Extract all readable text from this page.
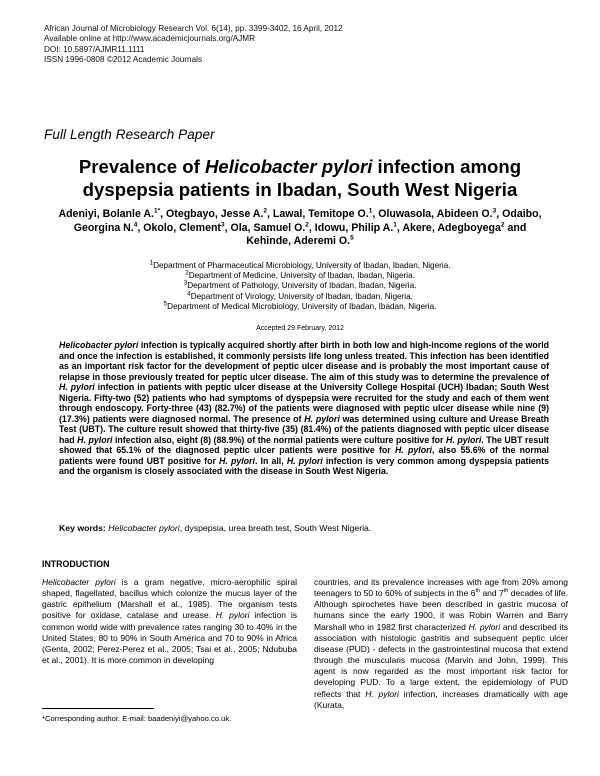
African Journal of Microbiology Research Vol. 6(14), pp. 3399-3402, 16 April, 2012
Available online at http://www.academicjournals.org/AJMR
DOI: 10.5897/AJMR11.1111
ISSN 1996-0808 ©2012 Academic Journals
Full Length Research Paper
Prevalence of Helicobacter pylori infection among dyspepsia patients in Ibadan, South West Nigeria
Adeniyi, Bolanle A.$^{1*}$, Otegbayo, Jesse A.$^2$, Lawal, Temitope O.$^1$, Oluwasola, Abideen O.$^3$, Odaibo, Georgina N.$^4$, Okolo, Clement$^3$, Ola, Samuel O.$^2$, Idowu, Philip A.$^1$, Akere, Adegboyega$^2$ and Kehinde, Aderemi O.$^5$
$^1$Department of Pharmaceutical Microbiology, University of Ibadan, Ibadan, Nigeria.
$^2$Department of Medicine, University of Ibadan, Ibadan, Nigeria.
$^3$Department of Pathology, University of Ibadan, Ibadan, Nigeria.
$^4$Department of Virology, University of Ibadan, Ibadan, Nigeria.
$^5$Department of Medical Microbiology, University of Ibadan, Ibadan, Nigeria.
Accepted 29 February, 2012
Helicobacter pylori infection is typically acquired shortly after birth in both low and high-income regions of the world and once the infection is established, it commonly persists life long unless treated. This infection has been identified as an important risk factor for the development of peptic ulcer disease and is probably the most important cause of relapse in those previously treated for peptic ulcer disease. The aim of this study was to determine the prevalence of H. pylori infection in patients with peptic ulcer disease at the University College Hospital (UCH) Ibadan; South West Nigeria. Fifty-two (52) patients who had symptoms of dyspepsia were recruited for the study and each of them went through endoscopy. Forty-three (43) (82.7%) of the patients were diagnosed with peptic ulcer disease while nine (9) (17.3%) patients were diagnosed normal. The presence of H. pylori was determined using culture and Urease Breath Test (UBT). The culture result showed that thirty-five (35) (81.4%) of the patients diagnosed with peptic ulcer disease had H. pylori infection also, eight (8) (88.9%) of the normal patients were culture positive for H. pylori. The UBT result showed that 65.1% of the diagnosed peptic ulcer patients were positive for H. pylori, also 55.6% of the normal patients were found UBT positive for H. pylori. In all, H. pylori infection is very common among dyspepsia patients and the organism is closely associated with the disease in South West Nigeria.
Key words: Helicobacter pylori, dyspepsia, urea breath test, South West Nigeria.
INTRODUCTION
Helicobacter pylori is a gram negative, micro-aerophilic spiral shaped, flagellated, bacillus which colonize the mucus layer of the gastric epithelium (Marshall et al., 1985). The organism tests positive for oxidase, catalase and urease. H. pylori infection is common world wide with prevalence rates ranging 30 to 40% in the United States, 80 to 90% in South America and 70 to 90% in Africa (Genta, 2002; Perez-Perez et al., 2005; Tsai et al., 2005; Ndububa et al., 2001). It is more common in developing
countries, and its prevalence increases with age from 20% among teenagers to 50 to 60% of subjects in the 6th and 7th decades of life. Although spirochetes have been described in gastric mucosa of humans since the early 1900, it was Robin Warren and Barry Marshall who in 1982 first characterized H. pylori and described its association with histologic gastritis and subsequent peptic ulcer disease (PUD) - defects in the gastrointestinal mucosa that extend through the muscularis mucosa (Marvin and John, 1999). This agent is now regarded as the most important risk factor for developing PUD. To a large extent, the epidemiology of PUD reflects that H. pylori infection, increases dramatically with age (Kurata,
*Corresponding author. E-mail: baadeniyi@yahoo.co.uk.
